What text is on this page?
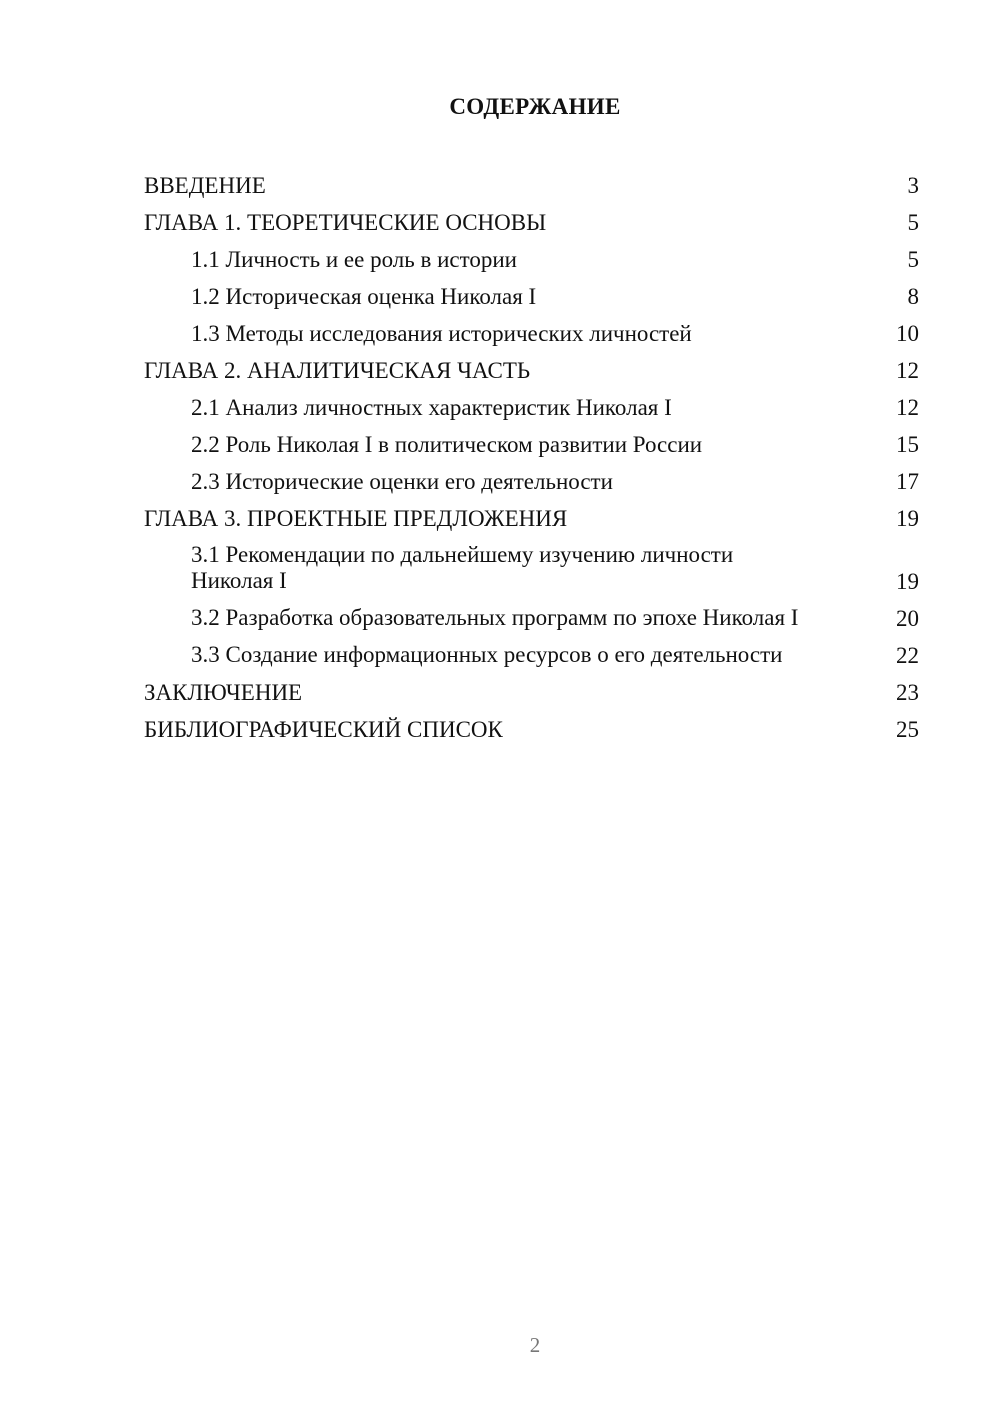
СОДЕРЖАНИЕ
ВВЕДЕНИЕ	3
ГЛАВА 1. ТЕОРЕТИЧЕСКИЕ ОСНОВЫ	5
1.1 Личность и ее роль в истории	5
1.2 Историческая оценка Николая I	8
1.3 Методы исследования исторических личностей	10
ГЛАВА 2. АНАЛИТИЧЕСКАЯ ЧАСТЬ	12
2.1 Анализ личностных характеристик Николая I	12
2.2 Роль Николая I в политическом развитии России	15
2.3 Исторические оценки его деятельности	17
ГЛАВА 3. ПРОЕКТНЫЕ ПРЕДЛОЖЕНИЯ	19
3.1 Рекомендации по дальнейшему изучению личности Николая I	19
3.2 Разработка образовательных программ по эпохе Николая I	20
3.3 Создание информационных ресурсов о его деятельности	22
ЗАКЛЮЧЕНИЕ	23
БИБЛИОГРАФИЧЕСКИЙ СПИСОК	25
2
